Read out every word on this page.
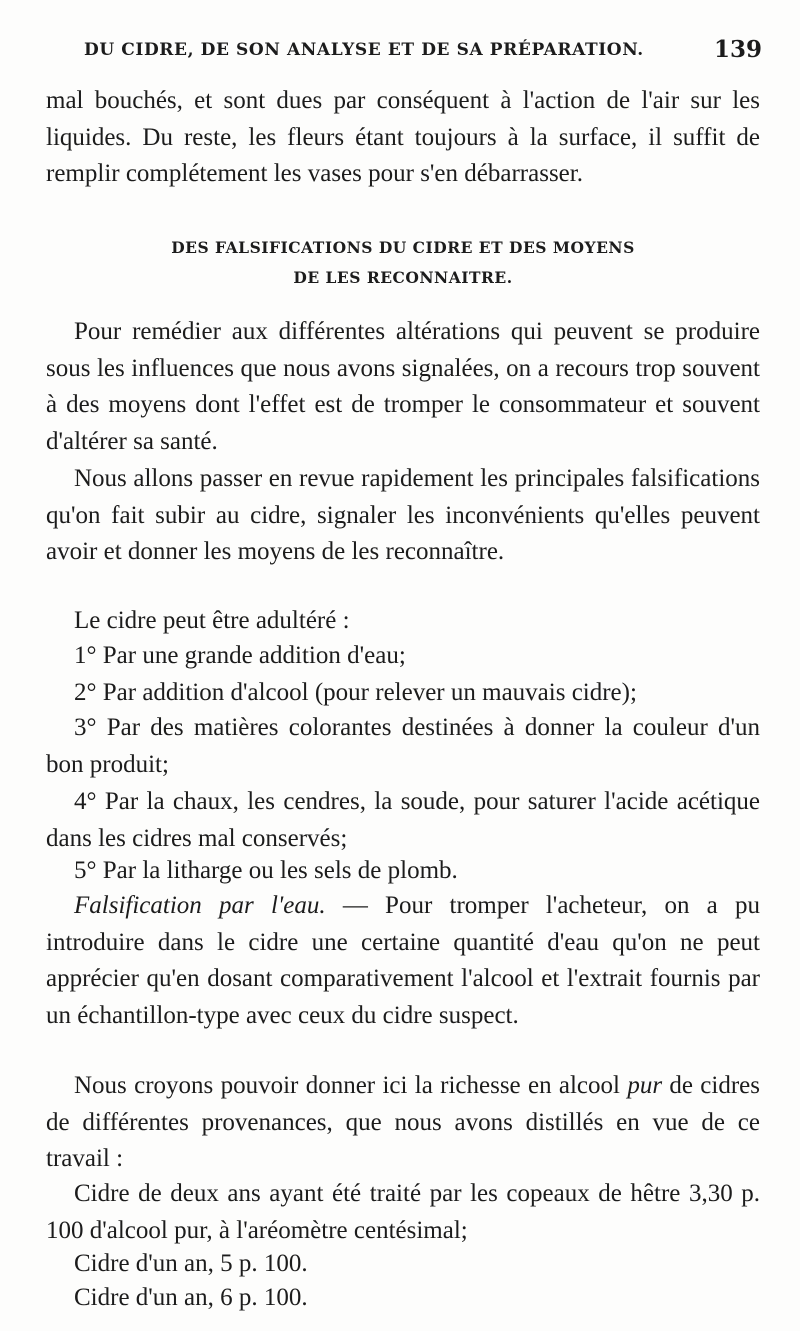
DU CIDRE, DE SON ANALYSE ET DE SA PRÉPARATION.	139

mal bouchés, et sont dues par conséquent à l'action de l'air sur les liquides. Du reste, les fleurs étant toujours à la surface, il suffit de remplir complétement les vases pour s'en débarrasser.

DES FALSIFICATIONS DU CIDRE ET DES MOYENS
DE LES RECONNAITRE.

Pour remédier aux différentes altérations qui peuvent se produire sous les influences que nous avons signalées, on a recours trop souvent à des moyens dont l'effet est de tromper le consommateur et souvent d'altérer sa santé.

Nous allons passer en revue rapidement les principales falsifications qu'on fait subir au cidre, signaler les inconvénients qu'elles peuvent avoir et donner les moyens de les reconnaître.

Le cidre peut être adultéré :

1° Par une grande addition d'eau;

2° Par addition d'alcool (pour relever un mauvais cidre);

3° Par des matières colorantes destinées à donner la couleur d'un bon produit;

4° Par la chaux, les cendres, la soude, pour saturer l'acide acétique dans les cidres mal conservés;

5° Par la litharge ou les sels de plomb.

Falsification par l'eau. — Pour tromper l'acheteur, on a pu introduire dans le cidre une certaine quantité d'eau qu'on ne peut apprécier qu'en dosant comparativement l'alcool et l'extrait fournis par un échantillon-type avec ceux du cidre suspect.

Nous croyons pouvoir donner ici la richesse en alcool pur de cidres de différentes provenances, que nous avons distillés en vue de ce travail :

Cidre de deux ans ayant été traité par les copeaux de hêtre 3,30 p. 100 d'alcool pur, à l'aréomètre centésimal;

Cidre d'un an, 5 p. 100.

Cidre d'un an, 6 p. 100.
